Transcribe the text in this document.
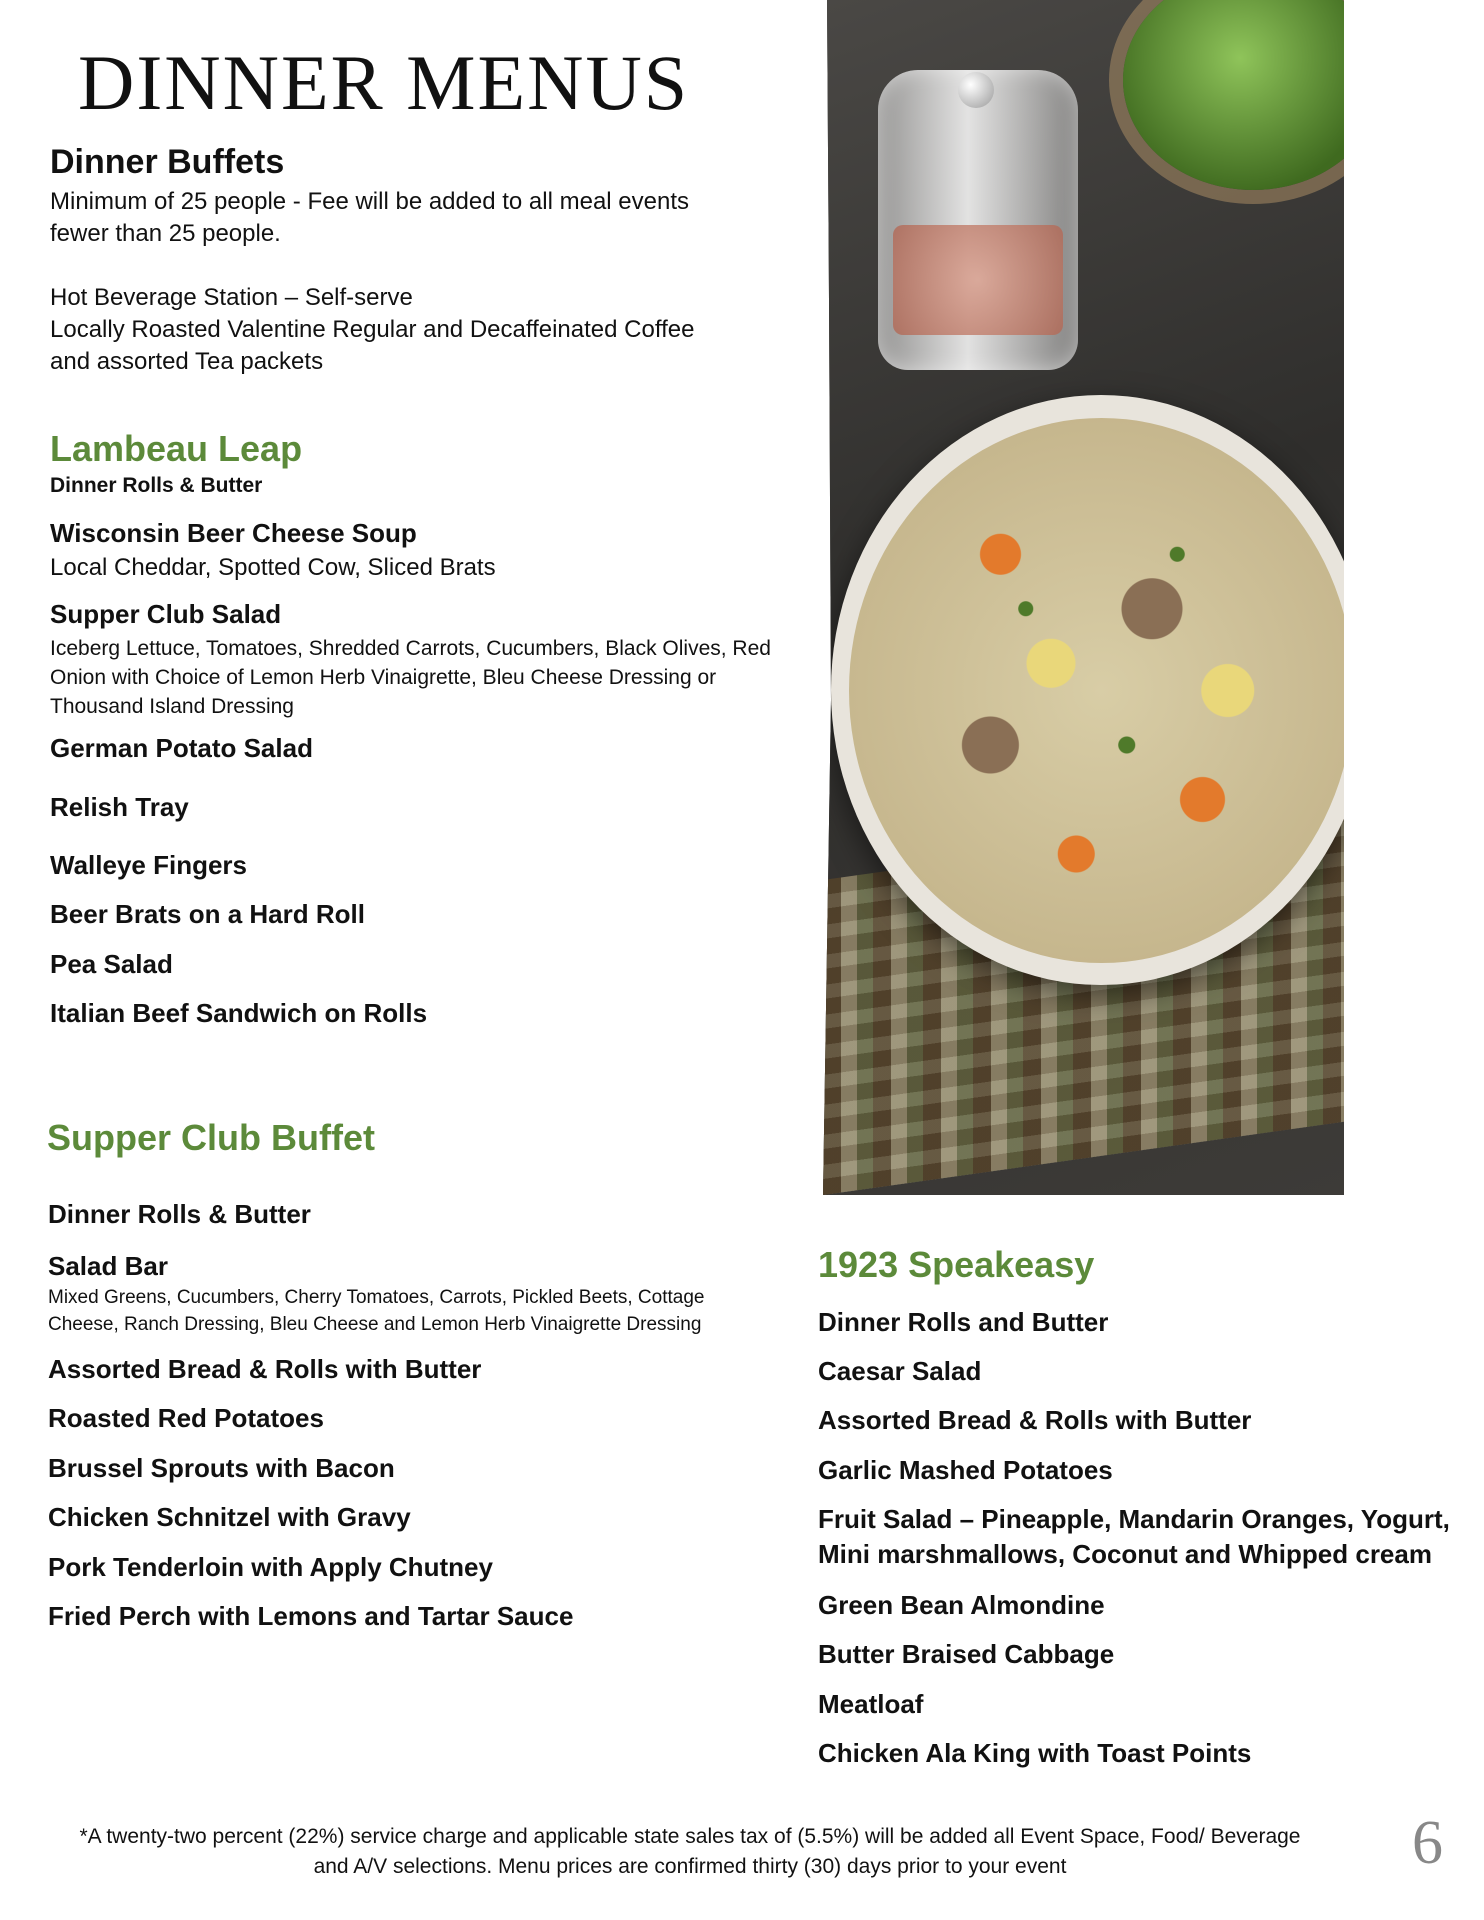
DINNER MENUS
Dinner Buffets
Minimum of 25 people - Fee will be added to all meal events
fewer than 25 people.
Hot Beverage Station – Self-serve
Locally Roasted Valentine Regular and Decaffeinated Coffee
and assorted Tea packets
Lambeau Leap
Dinner Rolls & Butter
Wisconsin Beer Cheese Soup
Local Cheddar, Spotted Cow, Sliced Brats
Supper Club Salad
Iceberg Lettuce, Tomatoes, Shredded Carrots, Cucumbers, Black Olives, Red
Onion with Choice of Lemon Herb Vinaigrette, Bleu Cheese Dressing or
Thousand Island Dressing
German Potato Salad
Relish Tray
Walleye Fingers
Beer Brats on a Hard Roll
Pea Salad
Italian Beef Sandwich on Rolls
Supper Club Buffet
Dinner Rolls & Butter
Salad Bar
Mixed Greens, Cucumbers, Cherry Tomatoes, Carrots, Pickled Beets, Cottage
Cheese, Ranch Dressing, Bleu Cheese and Lemon Herb Vinaigrette Dressing
Assorted Bread & Rolls with Butter
Roasted Red Potatoes
Brussel Sprouts with Bacon
Chicken Schnitzel with Gravy
Pork Tenderloin with Apply Chutney
Fried Perch with Lemons and Tartar Sauce
1923 Speakeasy
Dinner Rolls and Butter
Caesar Salad
Assorted Bread & Rolls with Butter
Garlic Mashed Potatoes
Fruit Salad – Pineapple, Mandarin Oranges, Yogurt,
Mini marshmallows, Coconut and Whipped cream
Green Bean Almondine
Butter Braised Cabbage
Meatloaf
Chicken Ala King with Toast Points
*A twenty-two percent (22%) service charge and applicable state sales tax of (5.5%) will be added all Event Space, Food/ Beverage
and A/V selections. Menu prices are confirmed thirty (30) days prior to your event	6
